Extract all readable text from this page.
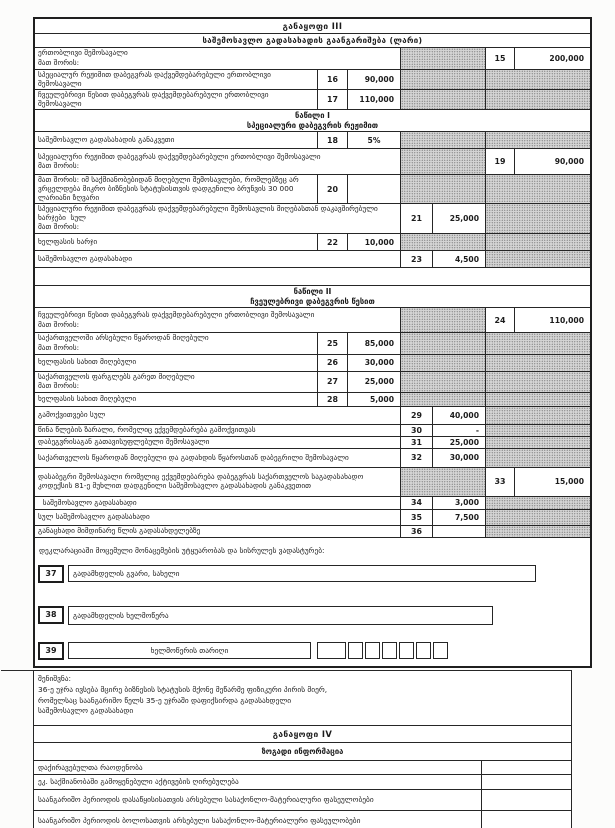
განაყოფი III
საშემოსავლო გადასახადის გაანგარიშება (ლარი)
ერთობლივი შემოსავალი
მათ შორის:	15	200,000
სპეციალურ რეჟიმით დაბეგვრას დაქვემდებარებული ერთობლივი შემოსავალი	16	90,000
ჩვეულებრივი წესით დაბეგვრას დაქვემდებარებული ერთობლივი შემოსავალი	17	110,000
ნაწილი I
სპეციალური დაბეგვრის რეჟიმით
საშემოსავლო გადასახადის განაკვეთი	18	5%
სპეციალური რეჟიმით დაბეგვრას დაქვემდებარებული ერთობლივი შემოსავალი
მათ შორის:	19	90,000
მათ შორის: იმ საქმიანობებიდან მიღებული შემოსავლები, რომლებზეც არ ვრცელდება მიკრო ბიზნესის სტატუსისთვის დადგენილი ბრუნვის 30 000 ლარიანი ზღვარი
20
სპეციალური რეჟიმით დაბეგვრას დაქვემდებარებული შემოსავლის მიღებასთან დაკავშირებული ხარჯები  სულ
მათ შორის:
21	25,000
ხელფასის ხარჯი	22	10,000
საშემოსავლო გადასახადი	23	4,500
ნაწილი II
ჩვეულებრივი დაბეგვრის წესით
ჩვეულებრივი წესით დაბეგვრას დაქვემდებარებული ერთობლივი შემოსავალი
მათ შორის:	24	110,000
საქართველოში არსებული წყაროდან მიღებული
მათ შორის:	25	85,000
ხელფასის სახით მიღებული	26	30,000
საქართველოს ფარგლებს გარეთ მიღებული
მათ შორის:	27	25,000
ხელფასის სახით მიღებული	28	5,000
გამოქვითვები სულ	29	40,000
წინა წლების ზარალი, რომელიც ექვემდებარება გამოქვითვას	30	-
დაბეგვრისაგან გათავისუფლებული შემოსავალი	31	25,000
საქართველოს წყაროდან მიღებული და გადახდის წყაროსთან დაბეგრილი შემოსავალი	32	30,000
დასაბეგრი შემოსავალი რომელიც ექვემდებარება დაბეგვრას საქართველოს საგადასახადო კოდექსის 81-ე მუხლით დადგენილი საშემოსავლო გადასახადის განაკვეთით	33	15,000
საშემოსავლო გადასახადი	34	3,000
სულ საშემოსავლო გადასახადი	35	7,500
განაცხადი მიმდინარე წლის გადასახდელებზე	36
დეკლარაციაში მოცემული მონაცემების უტყუარობას და სისრულეს ვადასტურებ:
37	გადამხდელის გვარი, სახელი
38	გადამხდელის ხელმოწერა
39	ხელმოწერის თარიღი
შენიშვნა:
36-ე უჯრა ივსება მცირე ბიზნესის სტატუსის მქონე მეწარმე ფიზიკური პირის მიერ, რომელსაც საანგარიშო წელს 35-ე უჯრაში დაფიქსირდა გადასახდელი საშემოსავლო გადასახადი
განაყოფი IV
ზოგადი ინფორმაცია
დაქირავებულთა რაოდენობა
ეკ. საქმიანობაში გამოყენებული აქტივების ღირებულება
საანგარიშო პერიოდის დასაწყისისათვის არსებული სასაქონლო-მატერიალური ფასეულობები
საანგარიშო პერიოდის ბოლოსათვის არსებული სასაქონლო-მატერიალური ფასეულობები
